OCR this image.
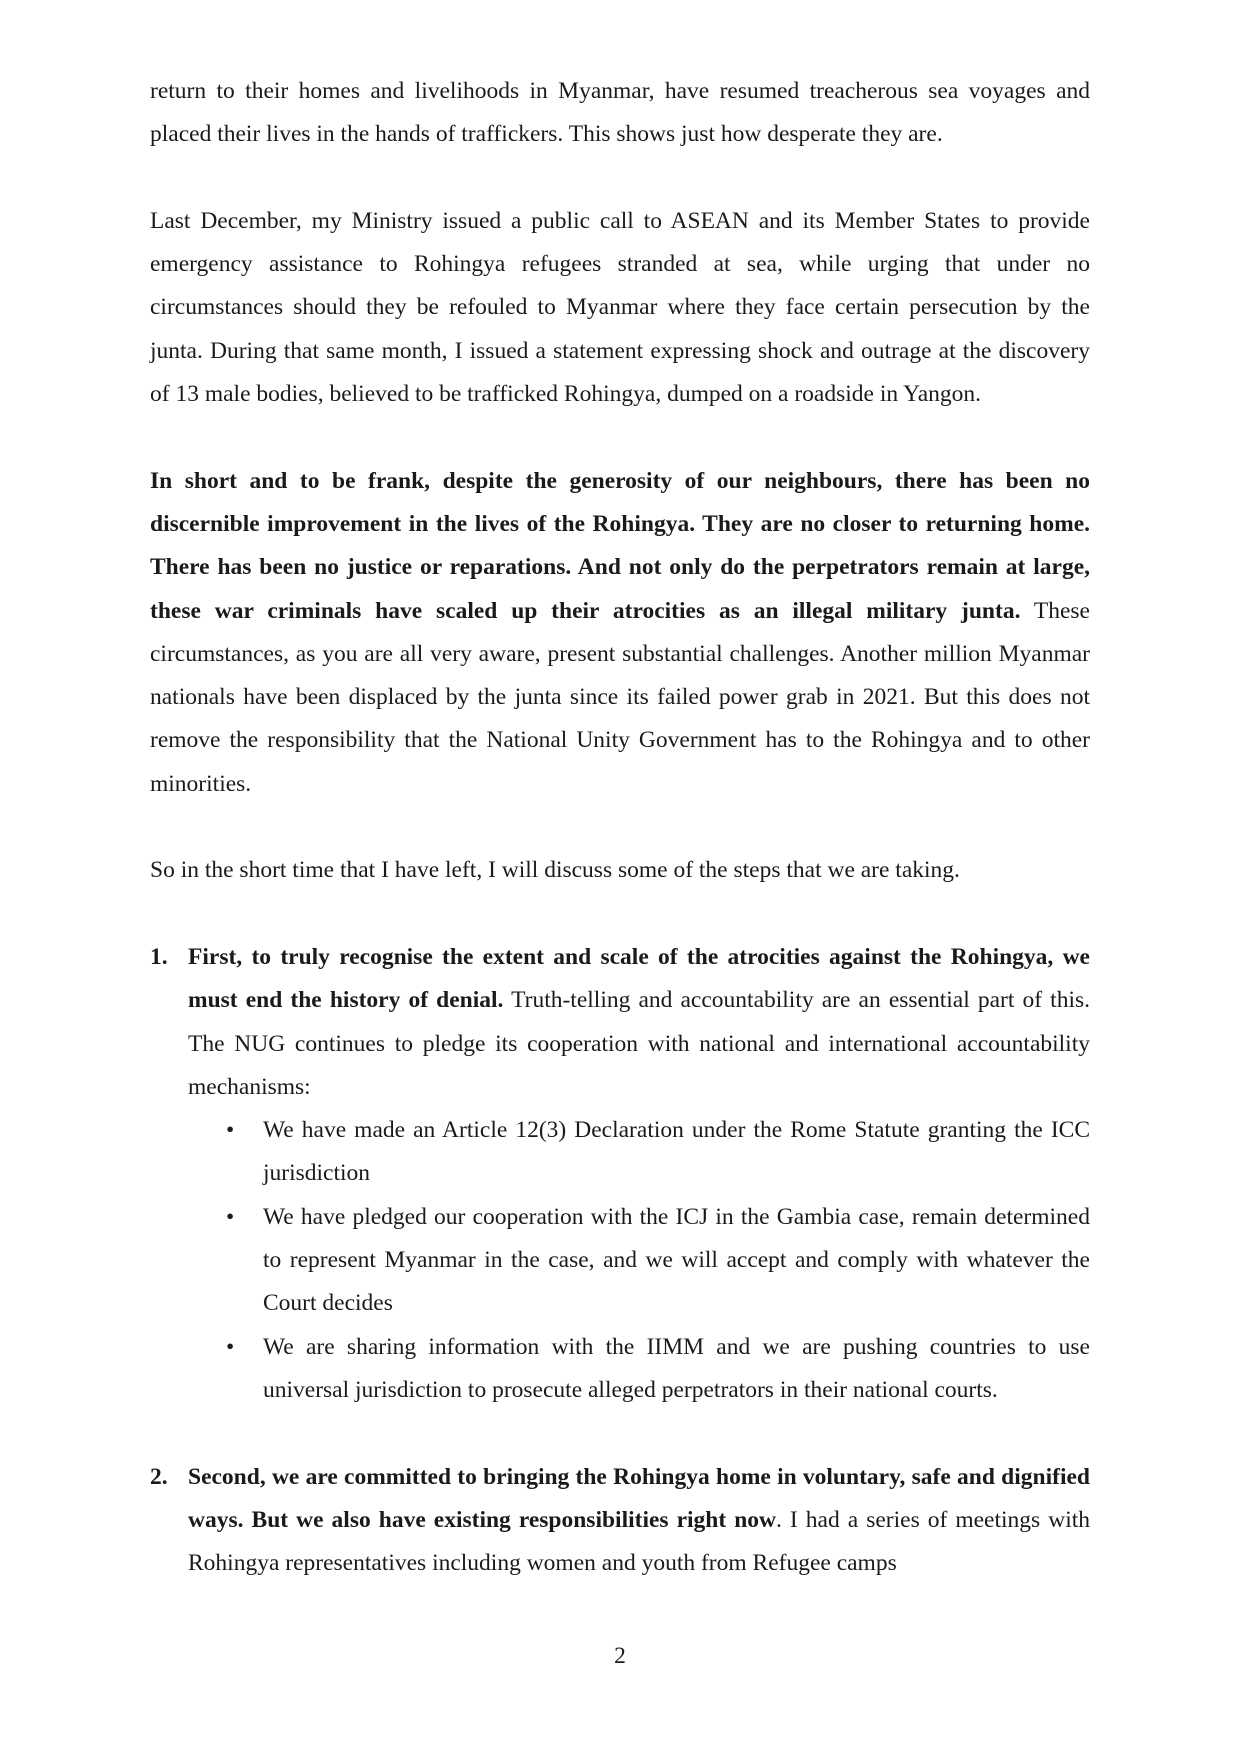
return to their homes and livelihoods in Myanmar, have resumed treacherous sea voyages and placed their lives in the hands of traffickers. This shows just how desperate they are.

Last December, my Ministry issued a public call to ASEAN and its Member States to provide emergency assistance to Rohingya refugees stranded at sea, while urging that under no circumstances should they be refouled to Myanmar where they face certain persecution by the junta. During that same month, I issued a statement expressing shock and outrage at the discovery of 13 male bodies, believed to be trafficked Rohingya, dumped on a roadside in Yangon.

In short and to be frank, despite the generosity of our neighbours, there has been no discernible improvement in the lives of the Rohingya. They are no closer to returning home. There has been no justice or reparations. And not only do the perpetrators remain at large, these war criminals have scaled up their atrocities as an illegal military junta. These circumstances, as you are all very aware, present substantial challenges. Another million Myanmar nationals have been displaced by the junta since its failed power grab in 2021. But this does not remove the responsibility that the National Unity Government has to the Rohingya and to other minorities.

So in the short time that I have left, I will discuss some of the steps that we are taking.

1. First, to truly recognise the extent and scale of the atrocities against the Rohingya, we must end the history of denial. Truth-telling and accountability are an essential part of this. The NUG continues to pledge its cooperation with national and international accountability mechanisms:
• We have made an Article 12(3) Declaration under the Rome Statute granting the ICC jurisdiction
• We have pledged our cooperation with the ICJ in the Gambia case, remain determined to represent Myanmar in the case, and we will accept and comply with whatever the Court decides
• We are sharing information with the IIMM and we are pushing countries to use universal jurisdiction to prosecute alleged perpetrators in their national courts.
2. Second, we are committed to bringing the Rohingya home in voluntary, safe and dignified ways. But we also have existing responsibilities right now. I had a series of meetings with Rohingya representatives including women and youth from Refugee camps
2
